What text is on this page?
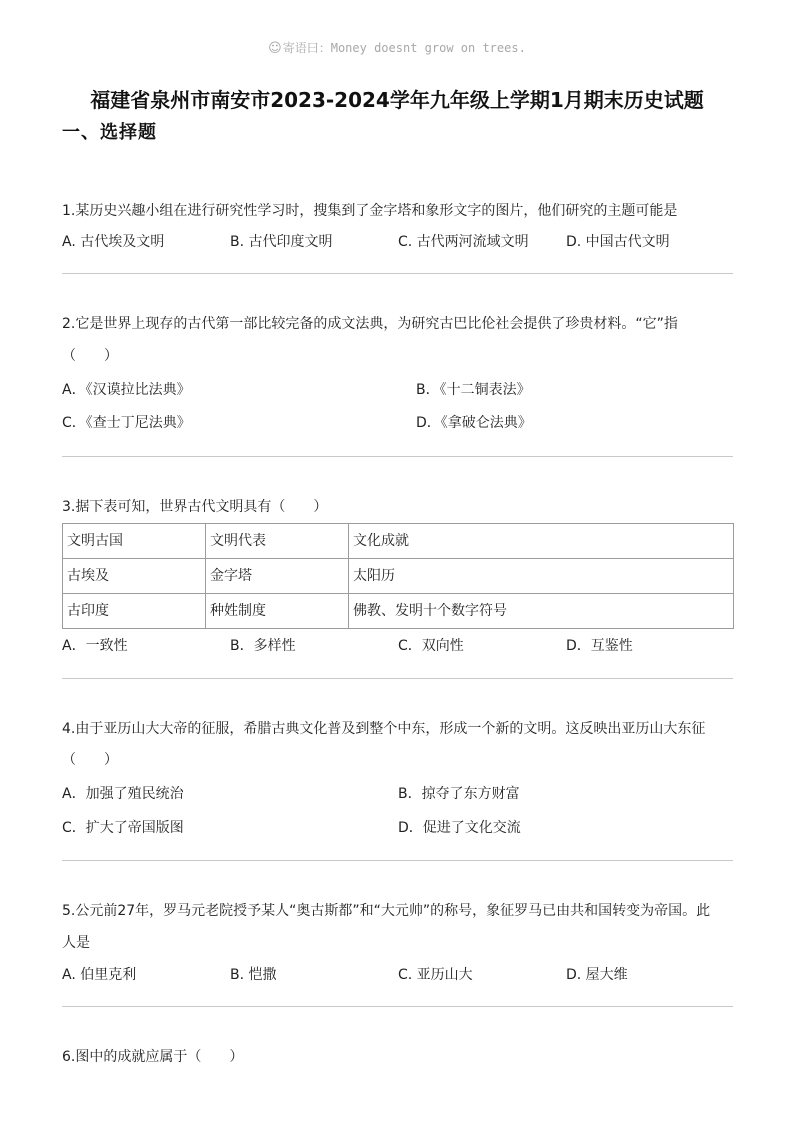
☺寄语曰：Money doesnt grow on trees.
福建省泉州市南安市2023-2024学年九年级上学期1月期末历史试题
一、选择题
1.某历史兴趣小组在进行研究性学习时，搜集到了金字塔和象形文字的图片，他们研究的主题可能是
A. 古代埃及文明	B. 古代印度文明	C. 古代两河流域文明	D. 中国古代文明
2.它是世界上现存的古代第一部比较完备的成文法典，为研究古巴比伦社会提供了珍贵材料。“它”指
（　　）
A．《汉谟拉比法典》	B．《十二铜表法》
C．《查士丁尼法典》	D．《拿破仑法典》
3.据下表可知，世界古代文明具有（　　）
文明古国	文明代表	文化成就
古埃及	金字塔	太阳历
古印度	种姓制度	佛教、发明十个数字符号
A．一致性	B．多样性	C．双向性	D．互鉴性
4.由于亚历山大大帝的征服，希腊古典文化普及到整个中东，形成一个新的文明。这反映出亚历山大东征
（　　）
A．加强了殖民统治	B．掠夺了东方财富
C．扩大了帝国版图	D．促进了文化交流
5.公元前27年，罗马元老院授予某人“奥古斯都”和“大元帅”的称号，象征罗马已由共和国转变为帝国。此
人是
A. 伯里克利	B. 恺撒	C. 亚历山大	D. 屋大维
6.图中的成就应属于（　　）
